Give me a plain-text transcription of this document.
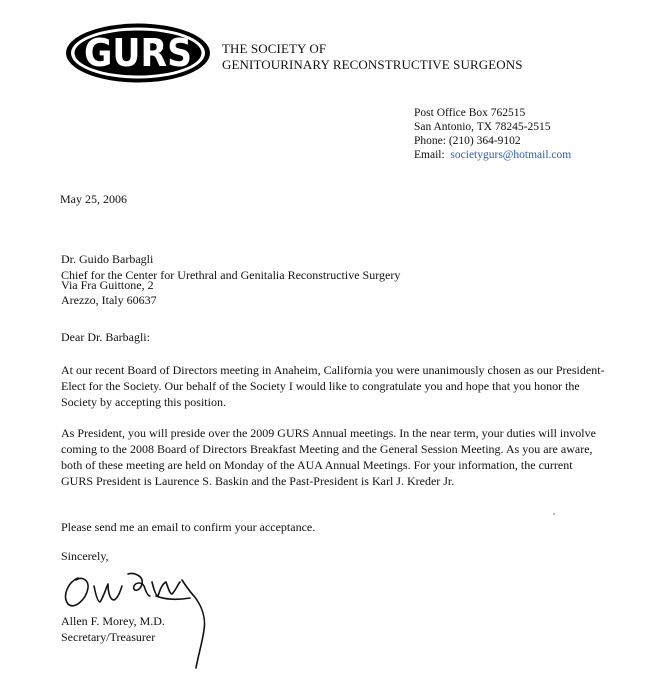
GURS THE SOCIETY OF
GENITOURINARY RECONSTRUCTIVE SURGEONS
Post Office Box 762515
San Antonio, TX 78245-2515
Phone: (210) 364-9102
Email: societygurs@hotmail.com
May 25, 2006
Dr. Guido Barbagli
Chief for the Center for Urethral and Genitalia Reconstructive Surgery
Via Fra Guittone, 2
Arezzo, Italy 60637
Dear Dr. Barbagli:
At our recent Board of Directors meeting in Anaheim, California you were unanimously chosen as our President-Elect for the Society. Our behalf of the Society I would like to congratulate you and hope that you honor the Society by accepting this position.
As President, you will preside over the 2009 GURS Annual meetings. In the near term, your duties will involve coming to the 2008 Board of Directors Breakfast Meeting and the General Session Meeting. As you are aware, both of these meeting are held on Monday of the AUA Annual Meetings. For your information, the current GURS President is Laurence S. Baskin and the Past-President is Karl J. Kreder Jr.
Please send me an email to confirm your acceptance.
Sincerely,
Allen F. Morey, M.D.
Secretary/Treasurer
